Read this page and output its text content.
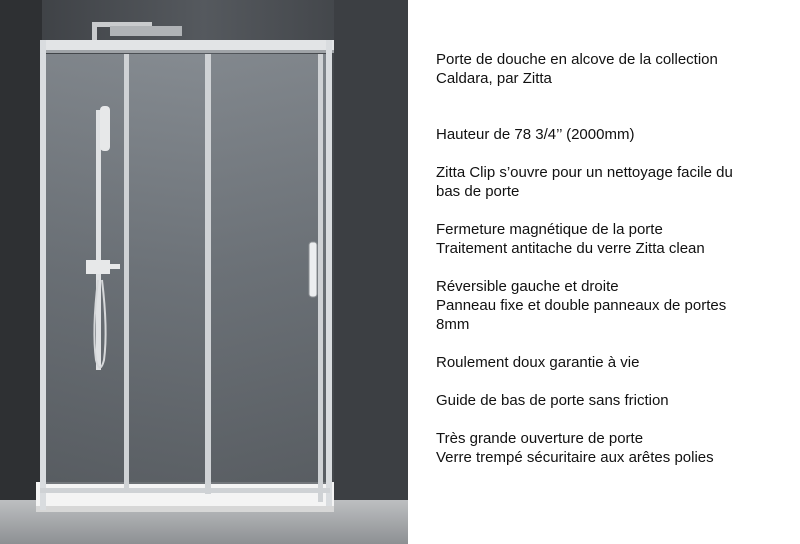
Porte de douche en alcove de la collection
Caldara, par Zitta

Hauteur de 78 3/4’’ (2000mm)

Zitta Clip s’ouvre pour un nettoyage facile du
bas de porte

Fermeture magnétique de la porte
Traitement antitache du verre Zitta clean

Réversible gauche et droite
Panneau fixe et double panneaux de portes
8mm

Roulement doux garantie à vie

Guide de bas de porte sans friction

Très grande ouverture de porte
Verre trempé sécuritaire aux arêtes polies
